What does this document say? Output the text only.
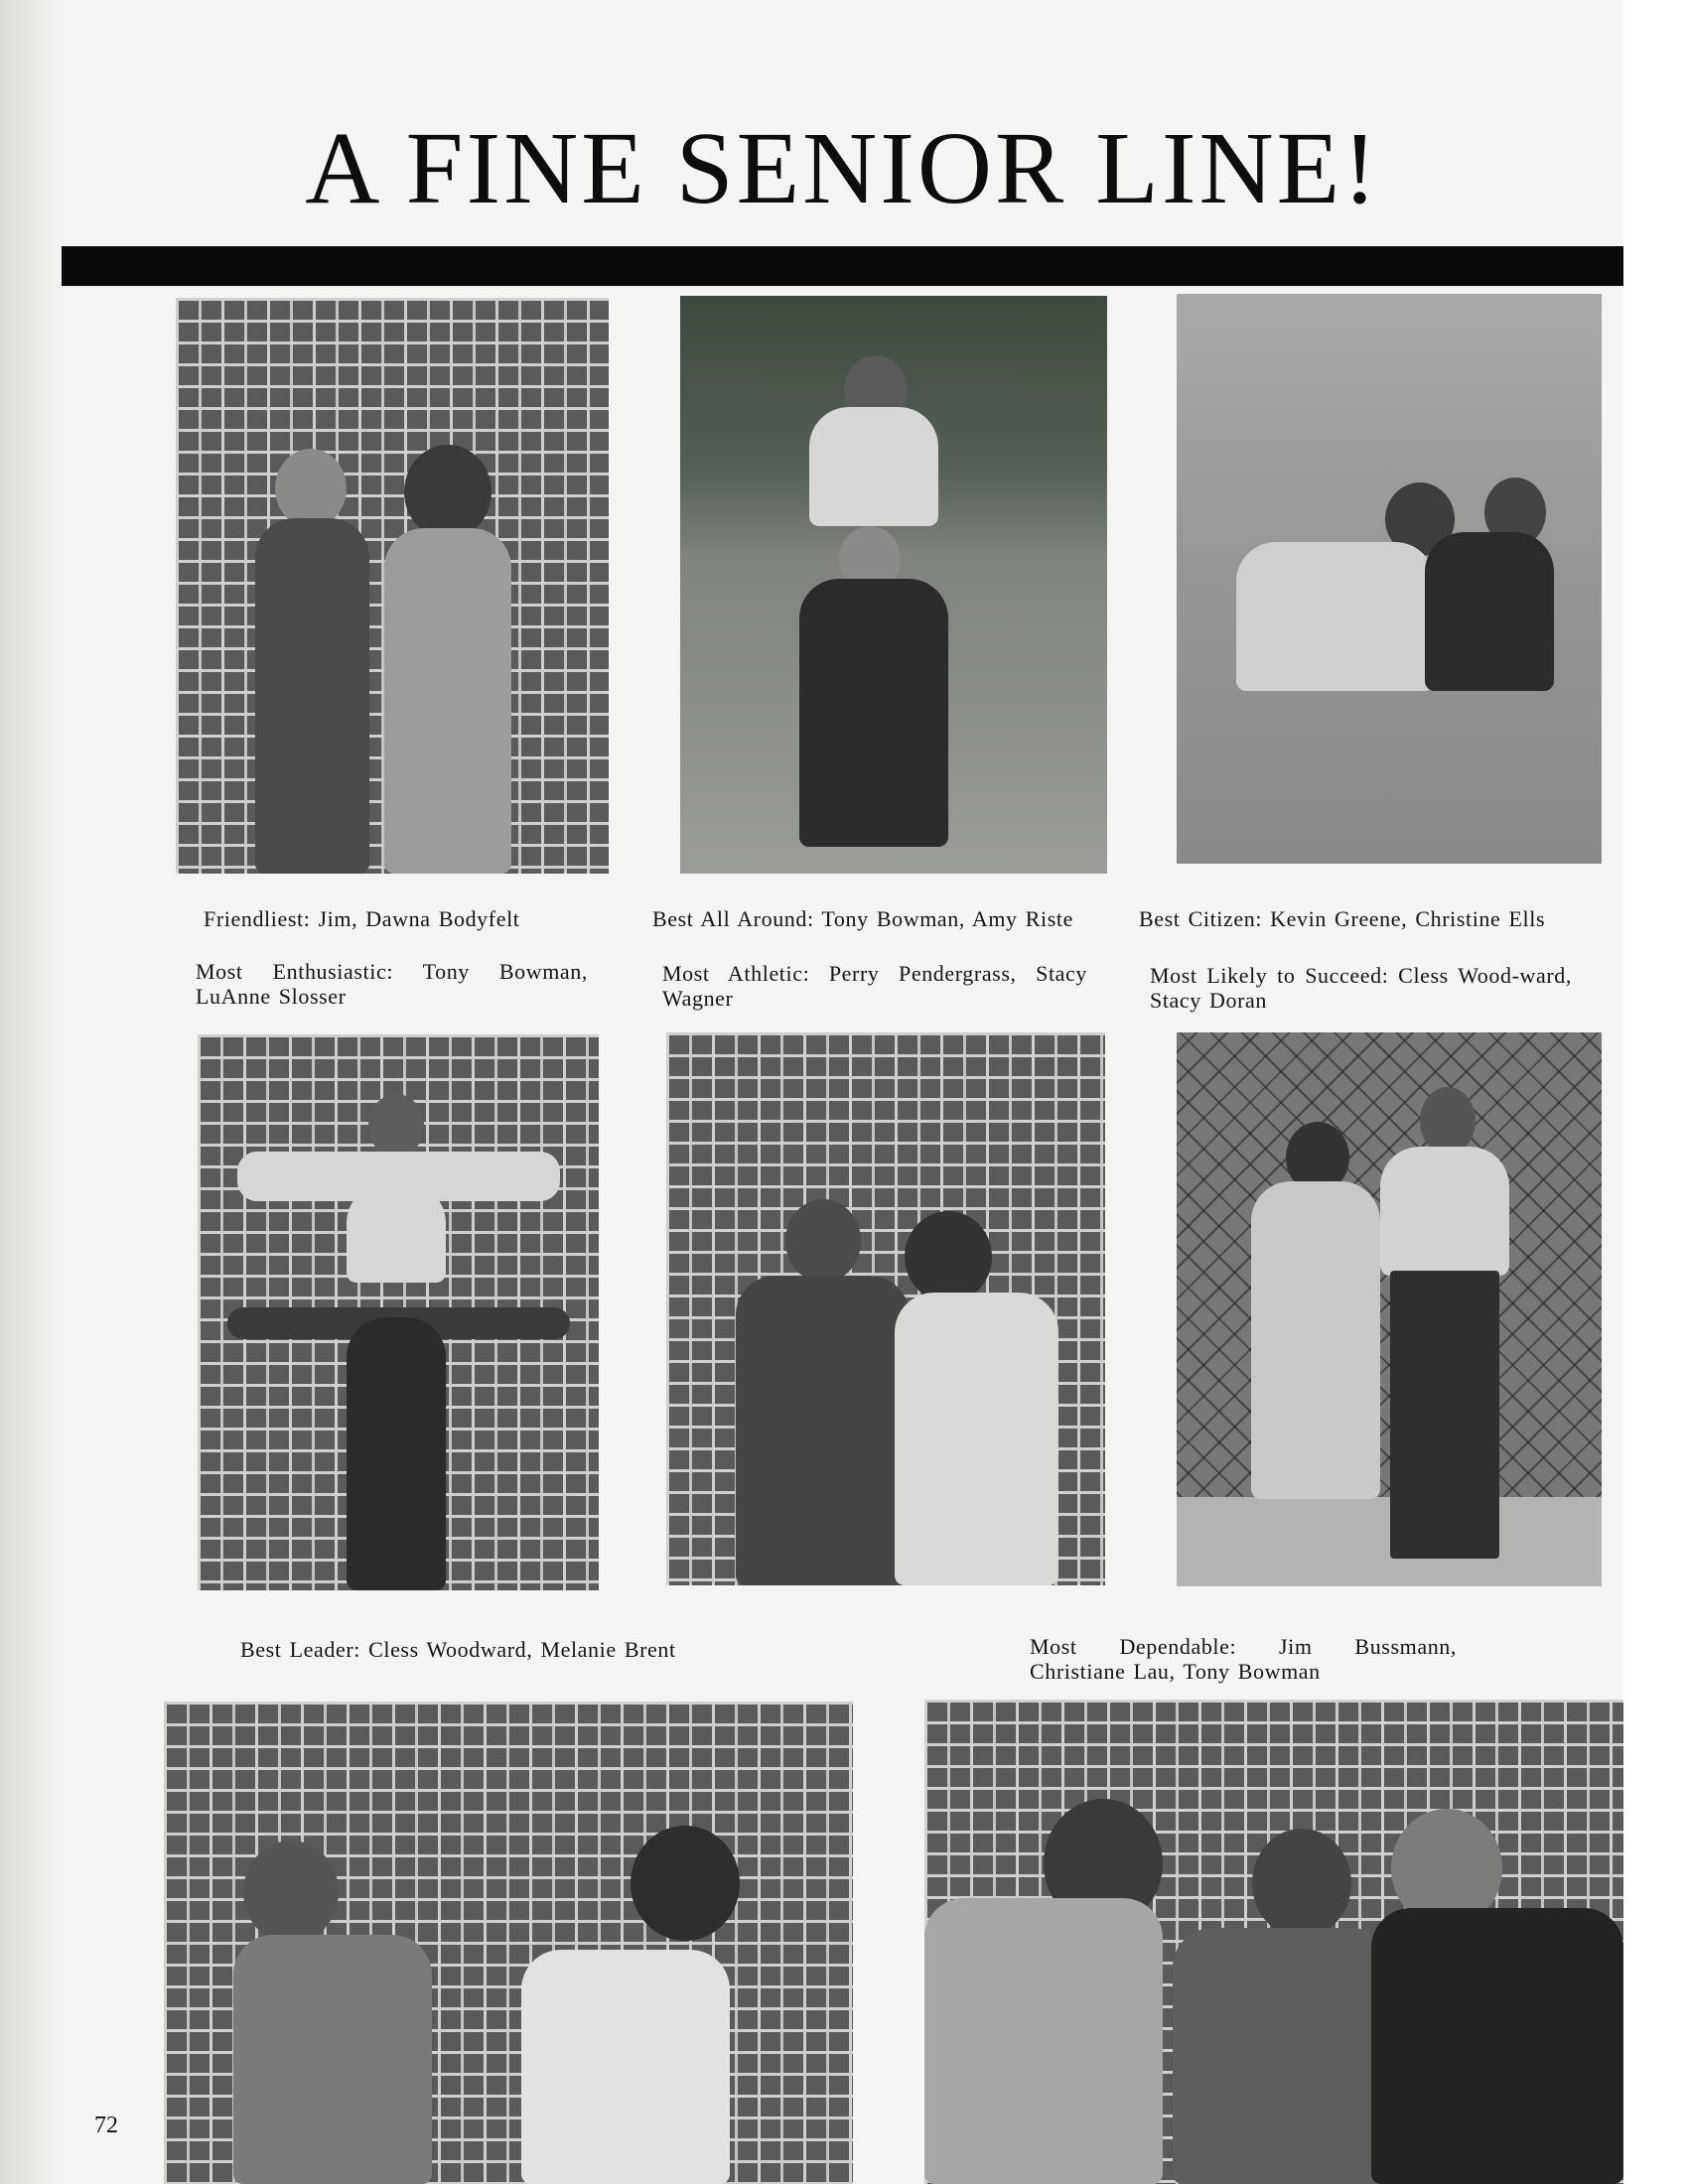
A FINE SENIOR LINE!
Friendliest: Jim, Dawna Bodyfelt	Best All Around: Tony Bowman, Amy Riste	Best Citizen: Kevin Greene, Christine Ells
Most Enthusiastic: Tony Bowman, LuAnne Slosser
Most Athletic: Perry Pendergrass, Stacy Wagner
Most Likely to Succeed: Cless Wood-ward, Stacy Doran
Best Leader: Cless Woodward, Melanie Brent	Most Dependable: Jim Bussmann, Christiane Lau, Tony Bowman
72
